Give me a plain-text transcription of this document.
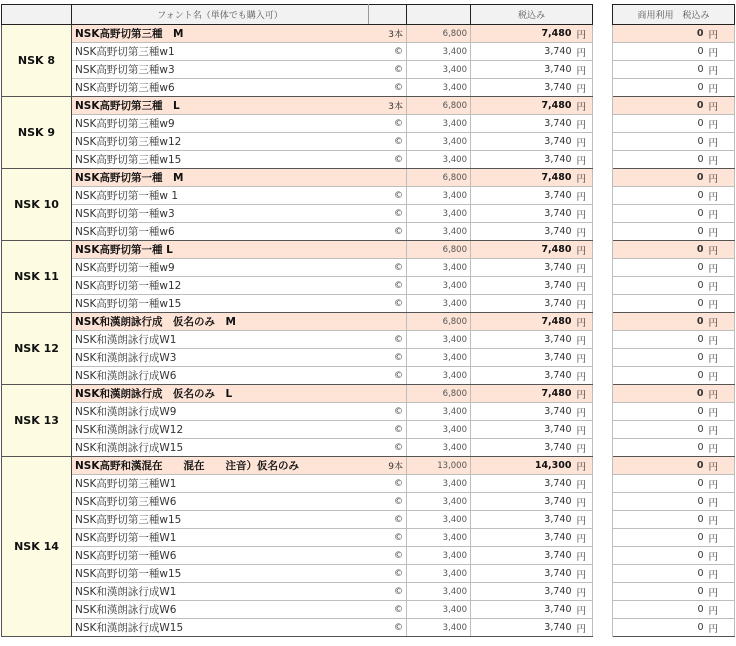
	フォント名（単体でも購入可）			税込み			商用利用　税込み	
NSK 8	NSK高野切第三種　M	3本	6,800	7,480	円		0	円
	NSK高野切第三種w1	©	3,400	3,740	円		0	円
	NSK高野切第三種w3	©	3,400	3,740	円		0	円
	NSK高野切第三種w6	©	3,400	3,740	円		0	円
NSK 9	NSK高野切第三種　L	3本	6,800	7,480	円		0	円
	NSK高野切第三種w9	©	3,400	3,740	円		0	円
	NSK高野切第三種w12	©	3,400	3,740	円		0	円
	NSK高野切第三種w15	©	3,400	3,740	円		0	円
NSK 10	NSK高野切第一種　M		6,800	7,480	円		0	円
	NSK高野切第一種w 1	©	3,400	3,740	円		0	円
	NSK高野切第一種w3	©	3,400	3,740	円		0	円
	NSK高野切第一種w6	©	3,400	3,740	円		0	円
NSK 11	NSK高野切第一種 L		6,800	7,480	円		0	円
	NSK高野切第一種w9	©	3,400	3,740	円		0	円
	NSK高野切第一種w12	©	3,400	3,740	円		0	円
	NSK高野切第一種w15	©	3,400	3,740	円		0	円
NSK 12	NSK和漢朗詠行成　仮名のみ　M		6,800	7,480	円		0	円
	NSK和漢朗詠行成W1	©	3,400	3,740	円		0	円
	NSK和漢朗詠行成W3	©	3,400	3,740	円		0	円
	NSK和漢朗詠行成W6	©	3,400	3,740	円		0	円
NSK 13	NSK和漢朗詠行成　仮名のみ　L		6,800	7,480	円		0	円
	NSK和漢朗詠行成W9	©	3,400	3,740	円		0	円
	NSK和漢朗詠行成W12	©	3,400	3,740	円		0	円
	NSK和漢朗詠行成W15	©	3,400	3,740	円		0	円
NSK 14	NSK高野和漢混在　　混在　　注音）仮名のみ	9本	13,000	14,300	円		0	円
	NSK高野切第三種W1	©	3,400	3,740	円		0	円
	NSK高野切第三種W6	©	3,400	3,740	円		0	円
	NSK高野切第三種w15	©	3,400	3,740	円		0	円
	NSK高野切第一種W1	©	3,400	3,740	円		0	円
	NSK高野切第一種W6	©	3,400	3,740	円		0	円
	NSK高野切第一種w15	©	3,400	3,740	円		0	円
	NSK和漢朗詠行成W1	©	3,400	3,740	円		0	円
	NSK和漢朗詠行成W6	©	3,400	3,740	円		0	円
	NSK和漢朗詠行成W15	©	3,400	3,740	円		0	円
